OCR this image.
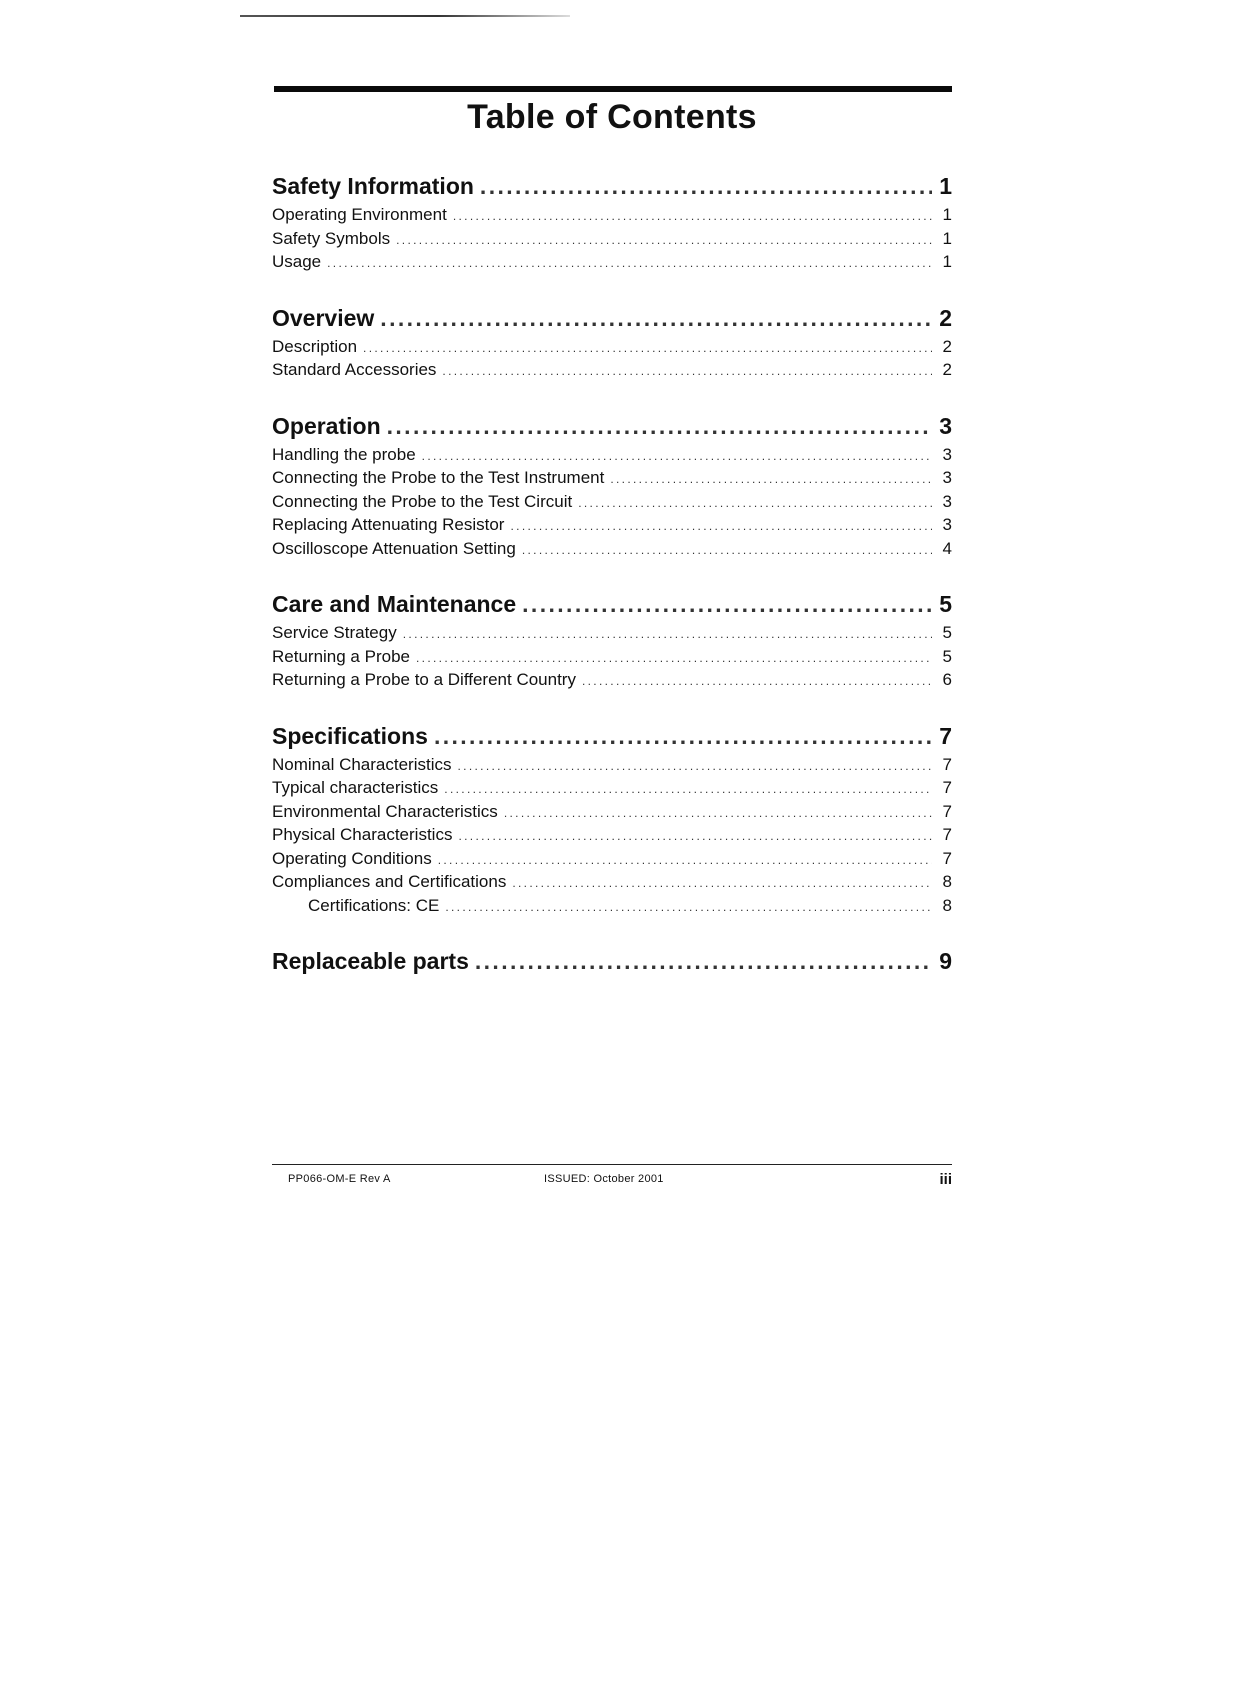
Table of Contents
Safety Information . . .	1
Operating Environment . . .	1
Safety Symbols . . .	1
Usage . . .	1
Overview . . .	2
Description . . .	2
Standard Accessories . . .	2
Operation . . .	3
Handling the probe . . .	3
Connecting the Probe to the Test Instrument . . .	3
Connecting the Probe to the Test Circuit . . .	3
Replacing Attenuating Resistor . . .	3
Oscilloscope Attenuation Setting . . .	4
Care and Maintenance . . .	5
Service Strategy . . .	5
Returning a Probe . . .	5
Returning a Probe to a Different Country . . .	6
Specifications . . .	7
Nominal Characteristics . . .	7
Typical characteristics . . .	7
Environmental Characteristics . . .	7
Physical Characteristics . . .	7
Operating Conditions . . .	7
Compliances and Certifications . . .	8
Certifications: CE . . .	8
Replaceable parts . . .	9
PP066-OM-E Rev A	ISSUED: October 2001	iii
